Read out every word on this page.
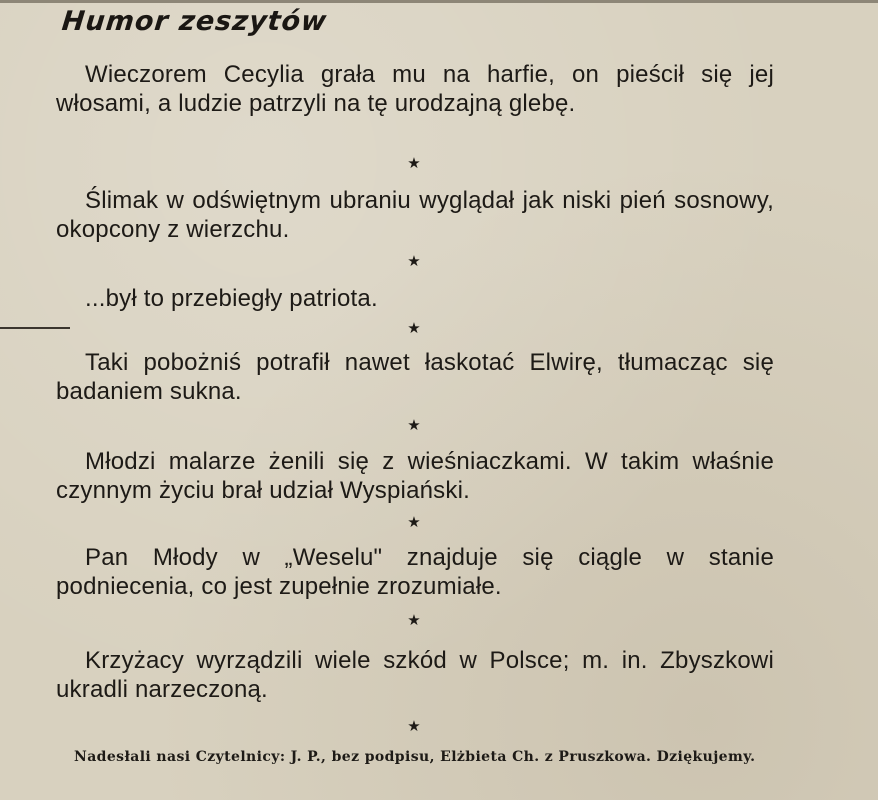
Humor zeszytów

Wieczorem Cecylia grała mu na harfie, on pieścił się jej włosami, a ludzie patrzyli na tę urodzajną glebę.

★

Ślimak w odświętnym ubraniu wyglądał jak niski pień sosnowy, okopcony z wierzchu.

★

...był to przebiegły patriota.

★

Taki pobożniś potrafił nawet łaskotać Elwirę, tłumacząc się badaniem sukna.

★

Młodzi malarze żenili się z wieśniaczkami. W takim właśnie czynnym życiu brał udział Wyspiański.

★

Pan Młody w „Weselu" znajduje się ciągle w stanie podniecenia, co jest zupełnie zrozumiałe.

★

Krzyżacy wyrządzili wiele szkód w Polsce; m. in. Zbyszkowi ukradli narzeczoną.

★

Nadesłali nasi Czytelnicy: J. P., bez podpisu, Elżbieta Ch. z Pruszkowa. Dziękujemy.
